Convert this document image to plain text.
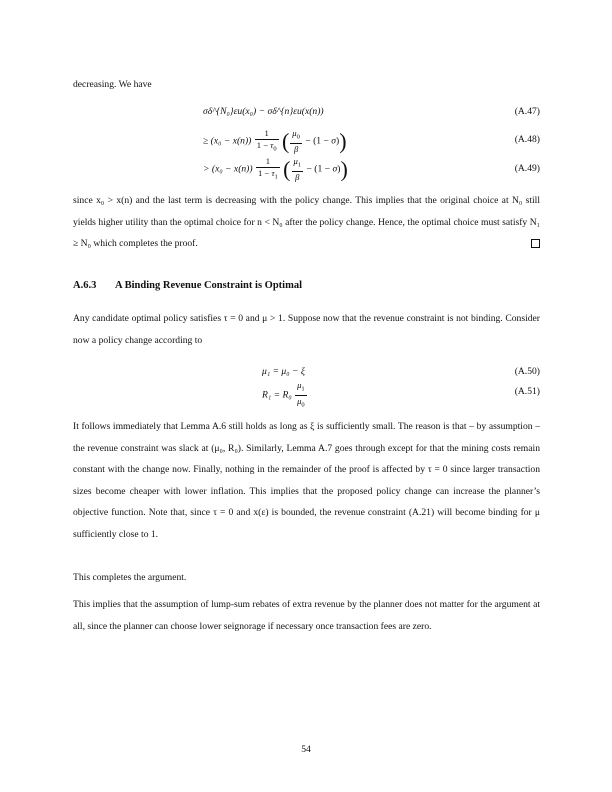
decreasing. We have
σδ^{N₀}εu(x₀) − σδ^{n}εu(x(n))	(A.47)
≥ $(x_0 - x(n)) \frac{1}{1 - \tau_0}$ ( $\frac{\mu_0}{\beta} - (1 - \sigma)$)	(A.48)
> $(x_0 - x(n)) \frac{1}{1 - \tau_1}$ ( $\frac{\mu_1}{\beta} - (1 - \sigma)$)	(A.49)
since x₀ > x(n) and the last term is decreasing with the policy change. This implies that the original choice at N₀ still yields higher utility than the optimal choice for n < N₀ after the policy change. Hence, the optimal choice must satisfy N₁ ≥ N₀ which completes the proof.
A.6.3 A Binding Revenue Constraint is Optimal
Any candidate optimal policy satisfies τ = 0 and μ > 1. Suppose now that the revenue constraint is not binding. Consider now a policy change according to
μ₁ = μ₀ − ξ	(A.50)
$R_1 = R_0 \frac{\mu_1}{\mu_0}$	(A.51)
It follows immediately that Lemma A.6 still holds as long as ξ is sufficiently small. The reason is that – by assumption – the revenue constraint was slack at (μ₀, R₀). Similarly, Lemma A.7 goes through except for that the mining costs remain constant with the change now. Finally, nothing in the remainder of the proof is affected by τ = 0 since larger transaction sizes become cheaper with lower inflation. This implies that the proposed policy change can increase the planner’s objective function. Note that, since τ = 0 and x(ε) is bounded, the revenue constraint (A.21) will become binding for μ sufficiently close to 1.
This completes the argument.
This implies that the assumption of lump-sum rebates of extra revenue by the planner does not matter for the argument at all, since the planner can choose lower seignorage if necessary once transaction fees are zero.
54
